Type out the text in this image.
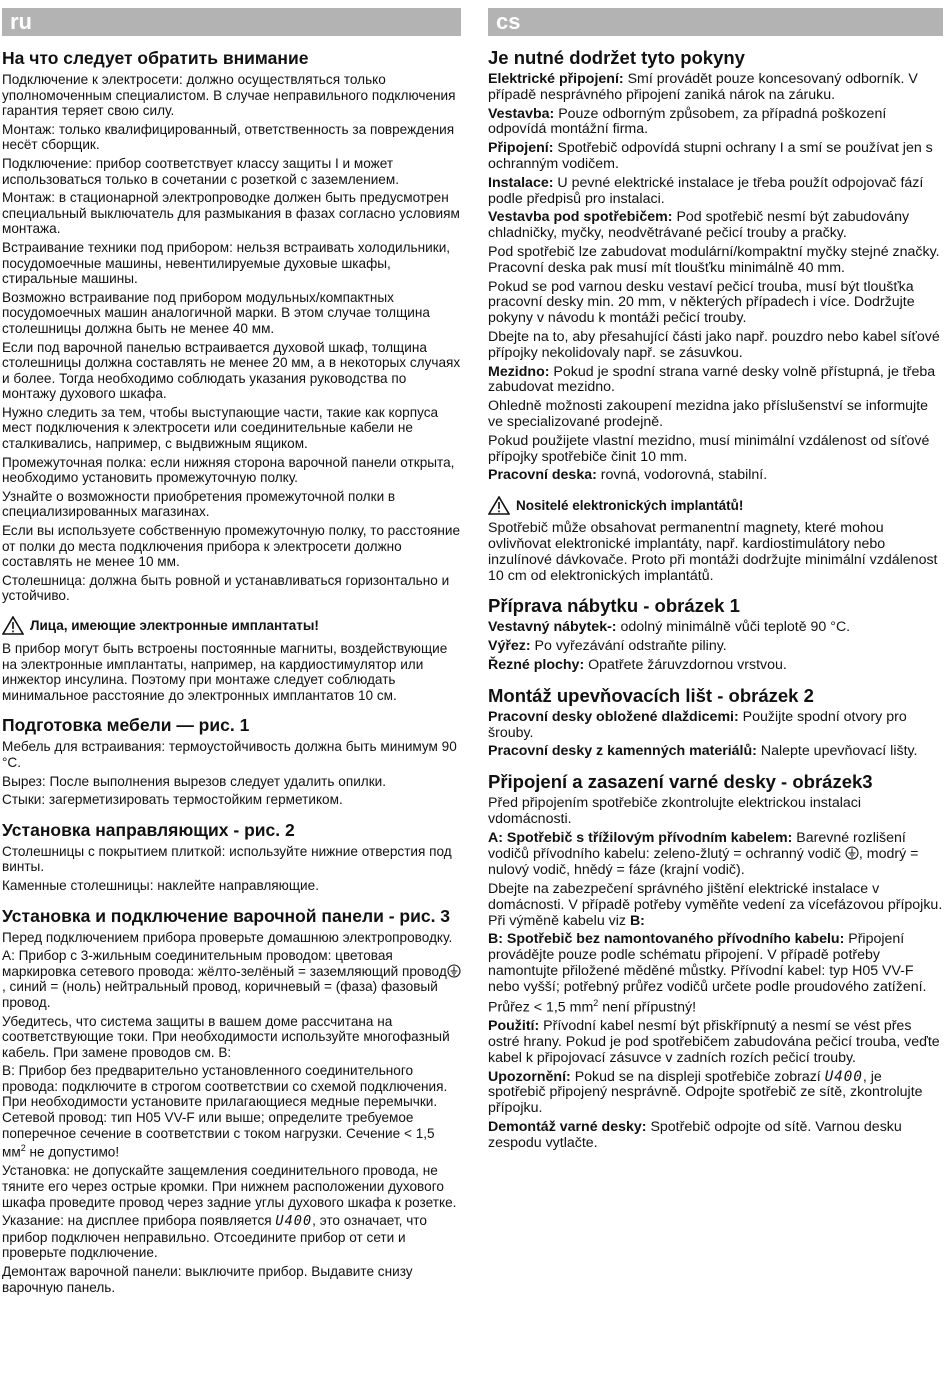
ru
На что следует обратить внимание

Подключение к электросети: должно осуществляться только уполномоченным специалистом. В случае неправильного подключения гарантия теряет свою силу.

Монтаж: только квалифицированный, ответственность за повреждения несёт сборщик.

Подключение: прибор соответствует классу защиты I и может использоваться только в сочетании с розеткой с заземлением.

Монтаж: в стационарной электропроводке должен быть предусмотрен специальный выключатель для размыкания в фазах согласно условиям монтажа.

Встраивание техники под прибором: нельзя встраивать холодильники, посудомоечные машины, невентилируемые духовые шкафы, стиральные машины.

Возможно встраивание под прибором модульных/компактных посудомоечных машин аналогичной марки. В этом случае толщина столешницы должна быть не менее 40 мм.

Если под варочной панелью встраивается духовой шкаф, толщина столешницы должна составлять не менее 20 мм, а в некоторых случаях и более. Тогда необходимо соблюдать указания руководства по монтажу духового шкафа.

Нужно следить за тем, чтобы выступающие части, такие как корпуса мест подключения к электросети или соединительные кабели не сталкивались, например, с выдвижным ящиком.

Промежуточная полка: если нижняя сторона варочной панели открыта, необходимо установить промежуточную полку.

Узнайте о возможности приобретения промежуточной полки в специализированных магазинах.

Если вы используете собственную промежуточную полку, то расстояние от полки до места подключения прибора к электросети должно составлять не менее 10 мм.

Столешница: должна быть ровной и устанавливаться горизонтально и устойчиво.

Лица, имеющие электронные имплантаты!

В прибор могут быть встроены постоянные магниты, воздействующие на электронные имплантаты, например, на кардиостимулятор или инжектор инсулина. Поэтому при монтаже следует соблюдать минимальное расстояние до электронных имплантатов 10 см.

Подготовка мебели — рис. 1

Мебель для встраивания: термоустойчивость должна быть минимум 90 °C.

Вырез: После выполнения вырезов следует удалить опилки.

Стыки: загерметизировать термостойким герметиком.

Установка направляющих - рис. 2

Столешницы с покрытием плиткой: используйте нижние отверстия под винты.

Каменные столешницы: наклейте направляющие.

Установка и подключение варочной панели - рис. 3

Перед подключением прибора проверьте домашнюю электропроводку.

А: Прибор с 3-жильным соединительным проводом: цветовая маркировка сетевого провода: жёлто-зелёный = заземляющий провод, синий = (ноль) нейтральный провод, коричневый = (фаза) фазовый провод.

Убедитесь, что система защиты в вашем доме рассчитана на соответствующие токи. При необходимости используйте многофазный кабель. При замене проводов см. В:

В: Прибор без предварительно установленного соединительного провода: подключите в строгом соответствии со схемой подключения. При необходимости установите прилагающиеся медные перемычки. Сетевой провод: тип H05 VV-F или выше; определите требуемое поперечное сечение в соответствии с током нагрузки. Сечение < 1,5 $мм^2$ не допустимо!

Установка: не допускайте защемления соединительного провода, не тяните его через острые кромки. При нижнем расположении духового шкафа проведите провод через задние углы духового шкафа к розетке.

Указание: на дисплее прибора появляется U400, это означает, что прибор подключен неправильно. Отсоедините прибор от сети и проверьте подключение.

Демонтаж варочной панели: выключите прибор. Выдавите снизу варочную панель.

cs
Je nutné dodržet tyto pokyny

Elektrické připojení: Smí provádět pouze koncesovaný odborník. V případě nesprávného připojení zaniká nárok na záruku.

Vestavba: Pouze odborným způsobem, za případná poškození odpovídá montážní firma.

Připojení: Spotřebič odpovídá stupni ochrany I a smí se používat jen s ochranným vodičem.

Instalace: U pevné elektrické instalace je třeba použít odpojovač fází podle předpisů pro instalaci.

Vestavba pod spotřebičem: Pod spotřebič nesmí být zabudovány chladničky, myčky, neodvětrávané pečicí trouby a pračky.

Pod spotřebič lze zabudovat modulární/kompaktní myčky stejné značky. Pracovní deska pak musí mít tloušťku minimálně 40 mm.

Pokud se pod varnou desku vestaví pečicí trouba, musí být tloušťka pracovní desky min. 20 mm, v některých případech i více. Dodržujte pokyny v návodu k montáži pečicí trouby.

Dbejte na to, aby přesahující části jako např. pouzdro nebo kabel síťové přípojky nekolidovaly např. se zásuvkou.

Mezidno: Pokud je spodní strana varné desky volně přístupná, je třeba zabudovat mezidno.

Ohledně možnosti zakoupení mezidna jako příslušenství se informujte ve specializované prodejně.

Pokud použijete vlastní mezidno, musí minimální vzdálenost od síťové přípojky spotřebiče činit 10 mm.

Pracovní deska: rovná, vodorovná, stabilní.

Nositelé elektronických implantátů!

Spotřebič může obsahovat permanentní magnety, které mohou ovlivňovat elektronické implantáty, např. kardiostimulátory nebo inzulínové dávkovače. Proto při montáži dodržujte minimální vzdálenost 10 cm od elektronických implantátů.

Příprava nábytku - obrázek 1

Vestavný nábytek-: odolný minimálně vůči teplotě 90 °C.

Výřez: Po vyřezávání odstraňte piliny.

Řezné plochy: Opatřete žáruvzdornou vrstvou.

Montáž upevňovacích lišt - obrázek 2

Pracovní desky obložené dlaždicemi: Použijte spodní otvory pro šrouby.

Pracovní desky z kamenných materiálů: Nalepte upevňovací lišty.

Připojení a zasazení varné desky - obrázek3

Před připojením spotřebiče zkontrolujte elektrickou instalaci vdomácnosti.

A: Spotřebič s třížilovým přívodním kabelem: Barevné rozlišení vodičů přívodního kabelu: zeleno-žlutý = ochranný vodič , modrý = nulový vodič, hnědý = fáze (krajní vodič).

Dbejte na zabezpečení správného jištění elektrické instalace v domácnosti. V případě potřeby vyměňte vedení za vícefázovou přípojku. Při výměně kabelu viz B:

B: Spotřebič bez namontovaného přívodního kabelu: Připojení provádějte pouze podle schématu připojení. V případě potřeby namontujte přiložené měděné můstky. Přívodní kabel: typ H05 VV-F nebo vyšší; potřebný průřez vodičů určete podle proudového zatížení. Průřez < 1,5 $mm^2$ není přípustný!

Použití: Přívodní kabel nesmí být přiskřípnutý a nesmí se vést přes ostré hrany. Pokud je pod spotřebičem zabudována pečicí trouba, veďte kabel k připojovací zásuvce v zadních rozích pečicí trouby.

Upozornění: Pokud se na displeji spotřebiče zobrazí U400, je spotřebič připojený nesprávně. Odpojte spotřebič ze sítě, zkontrolujte přípojku.

Demontáž varné desky: Spotřebič odpojte od sítě. Varnou desku zespodu vytlačte.
